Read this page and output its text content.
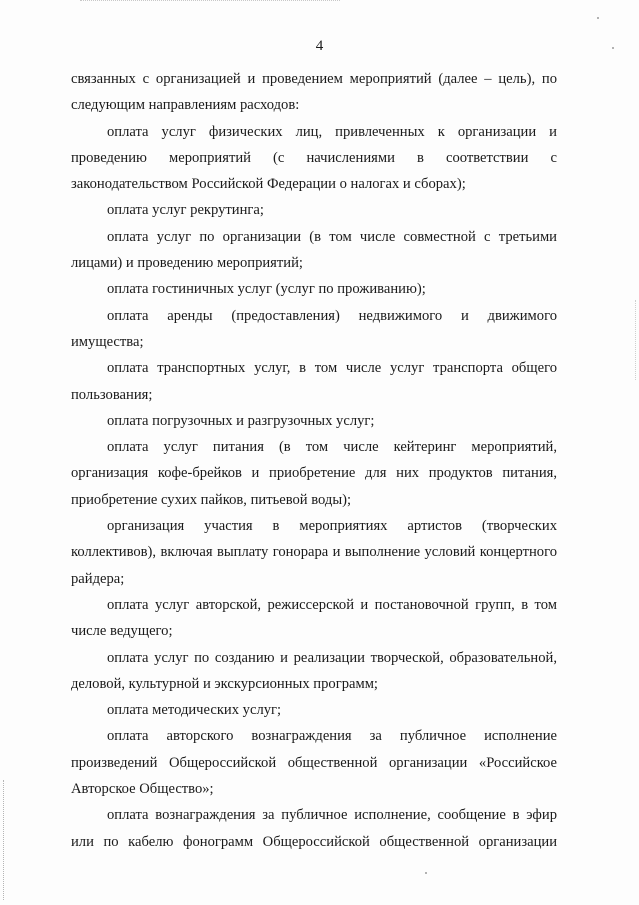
4

связанных с организацией и проведением мероприятий (далее – цель), по следующим направлениям расходов:

оплата услуг физических лиц, привлеченных к организации и проведению мероприятий (с начислениями в соответствии с законодательством Российской Федерации о налогах и сборах);

оплата услуг рекрутинга;

оплата услуг по организации (в том числе совместной с третьими лицами) и проведению мероприятий;

оплата гостиничных услуг (услуг по проживанию);

оплата аренды (предоставления) недвижимого и движимого имущества;

оплата транспортных услуг, в том числе услуг транспорта общего пользования;

оплата погрузочных и разгрузочных услуг;

оплата услуг питания (в том числе кейтеринг мероприятий, организация кофе-брейков и приобретение для них продуктов питания, приобретение сухих пайков, питьевой воды);

организация участия в мероприятиях артистов (творческих коллективов), включая выплату гонорара и выполнение условий концертного райдера;

оплата услуг авторской, режиссерской и постановочной групп, в том числе ведущего;

оплата услуг по созданию и реализации творческой, образовательной, деловой, культурной и экскурсионных программ;

оплата методических услуг;

оплата авторского вознаграждения за публичное исполнение произведений Общероссийской общественной организации «Российское Авторское Общество»;

оплата вознаграждения за публичное исполнение, сообщение в эфир или по кабелю фонограмм Общероссийской общественной организации
